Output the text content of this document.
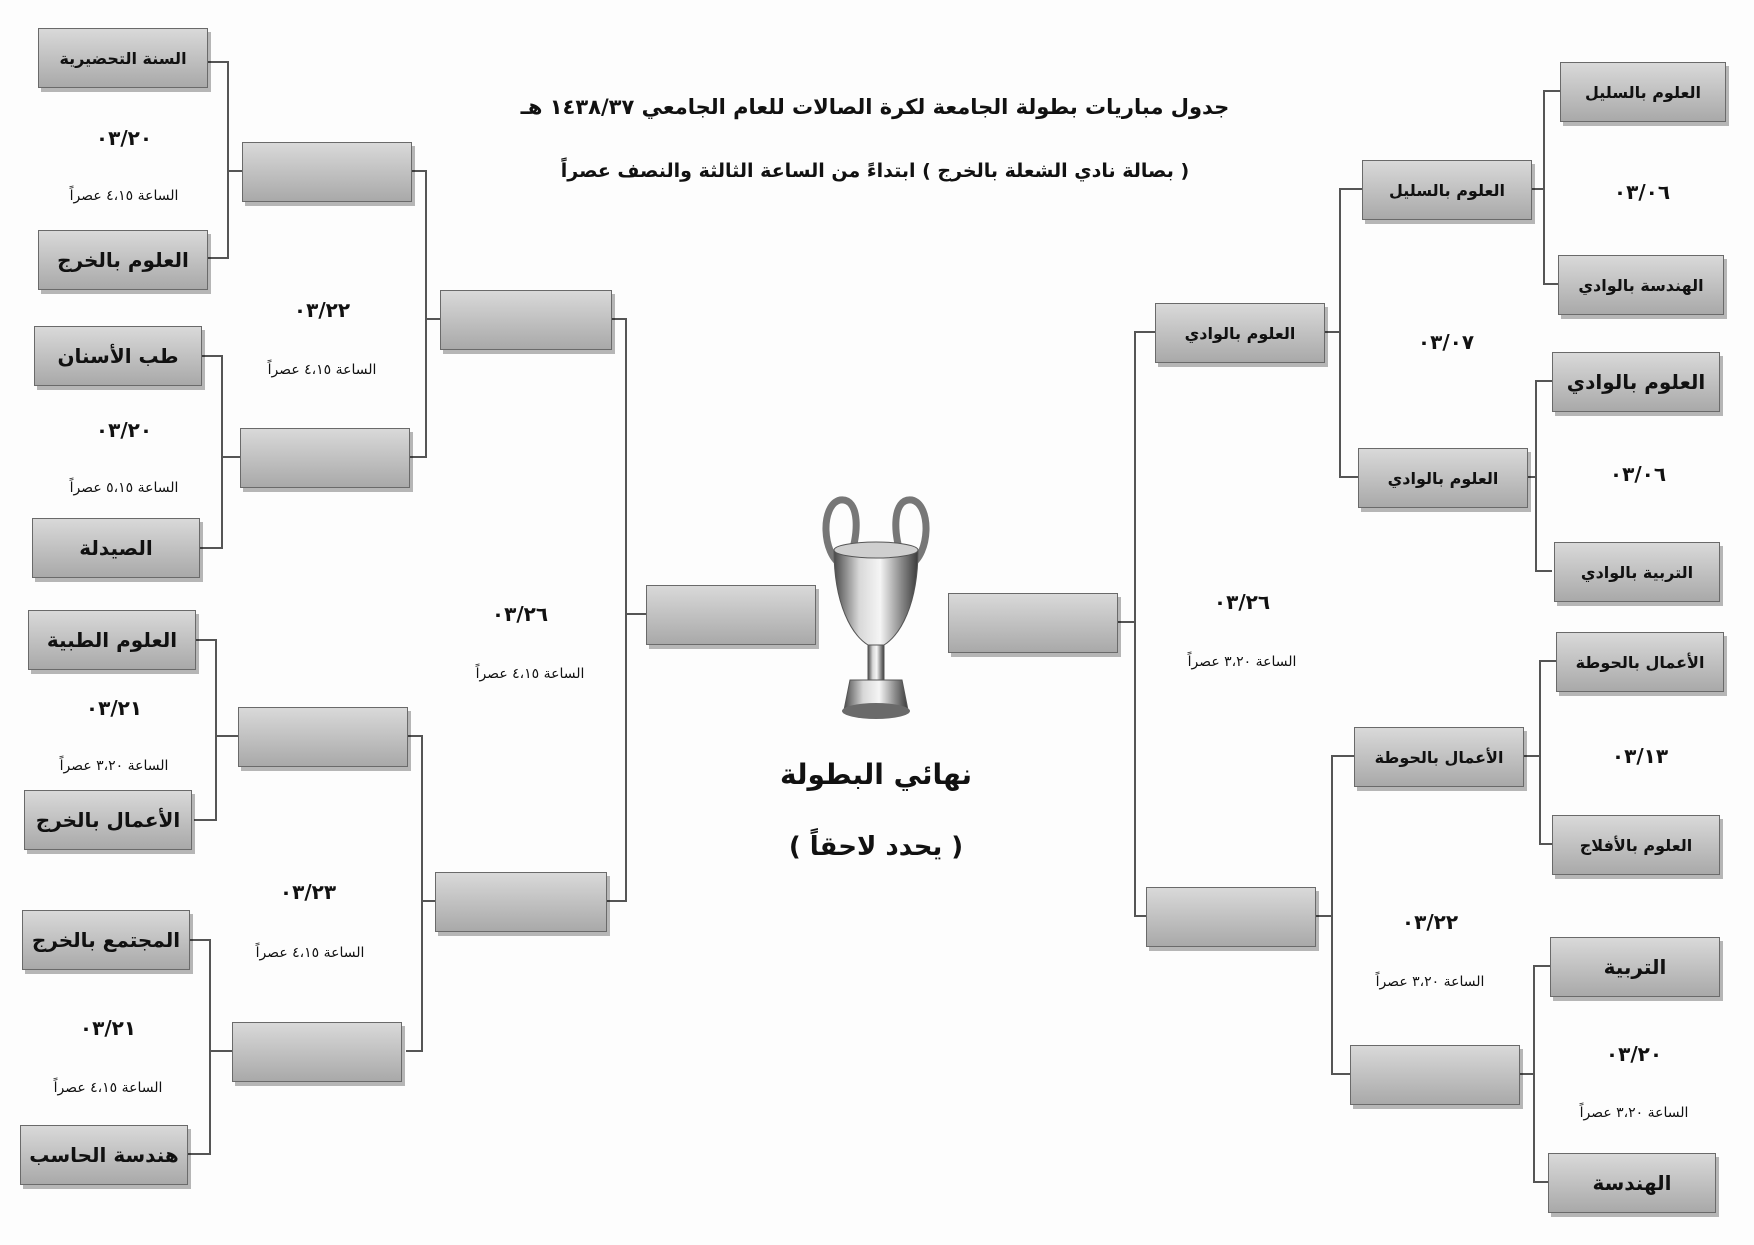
جدول مباريات بطولة الجامعة لكرة الصالات للعام الجامعي ١٤٣٨/٣٧ هـ
( بصالة نادي الشعلة بالخرج ) ابتداءً من الساعة الثالثة والنصف عصراً
السنة التحضيرية
٠٣/٢٠
الساعة ٤،١٥ عصراً
العلوم بالخرج
طب الأسنان
٠٣/٢٠
الساعة ٥،١٥ عصراً
الصيدلة
العلوم الطبية
٠٣/٢١
الساعة ٣،٢٠ عصراً
الأعمال بالخرج
المجتمع بالخرج
٠٣/٢١
الساعة ٤،١٥ عصراً
هندسة الحاسب
٠٣/٢٢
الساعة ٤،١٥ عصراً
٠٣/٢٣
الساعة ٤،١٥ عصراً
٠٣/٢٦
الساعة ٤،١٥ عصراً
العلوم بالسليل
٠٣/٠٦
الهندسة بالوادي
العلوم بالوادي
٠٣/٠٦
التربية بالوادي
الأعمال بالحوطة
٠٣/١٣
العلوم بالأفلاج
التربية
٠٣/٢٠
الساعة ٣،٢٠ عصراً
الهندسة
العلوم بالسليل
٠٣/٠٧
العلوم بالوادي
الأعمال بالحوطة
٠٣/٢٢
الساعة ٣،٢٠ عصراً
العلوم بالوادي
٠٣/٢٦
الساعة ٣،٢٠ عصراً
نهائي البطولة
( يحدد لاحقاً )
